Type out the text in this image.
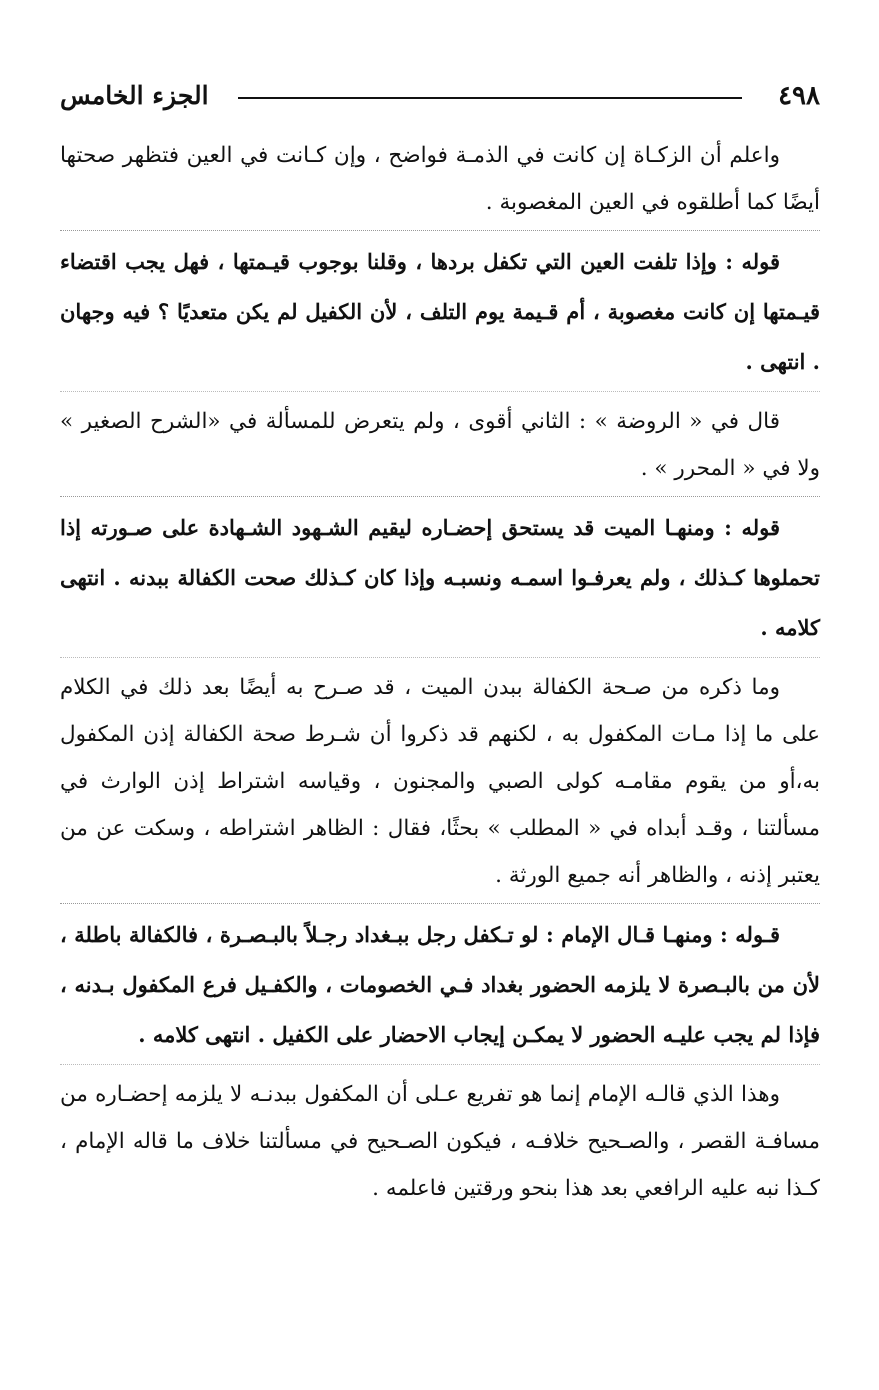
٤٩٨
الجزء الخامس

واعلم أن الزكـاة إن كانت في الذمـة فواضح ، وإن كـانت في العين فتظهر صحتها أيضًا كما أطلقوه في العين المغصوبة .

قوله : وإذا تلفت العين التي تكفل بردها ، وقلنا بوجوب قيـمتها ، فهل يجب اقتضاء قيـمتها إن كانت مغصوبة ، أم قـيمة يوم التلف ، لأن الكفيل لم يكن متعديًا ؟ فيه وجهان . انتهى .

قال في « الروضة » : الثاني أقوى ، ولم يتعرض للمسألة في «الشرح الصغير » ولا في « المحرر » .

قوله : ومنهـا الميت قد يستحق إحضـاره ليقيم الشـهود الشـهادة على صـورته إذا تحملوها كـذلك ، ولم يعرفـوا اسمـه ونسبـه وإذا كان كـذلك صحت الكفالة ببدنه . انتهى كلامه .

وما ذكره من صـحة الكفالة ببدن الميت ، قد صـرح به أيضًا بعد ذلك في الكلام على ما إذا مـات المكفول به ، لكنهم قد ذكروا أن شـرط صحة الكفالة إذن المكفول به،أو من يقوم مقامـه كولى الصبي والمجنون ، وقياسه اشتراط إذن الوارث في مسألتنا ، وقـد أبداه في « المطلب » بحثًا، فقال : الظاهر اشتراطه ، وسكت عن من يعتبر إذنه ، والظاهر أنه جميع الورثة .

قـوله : ومنهـا قـال الإمام : لو تـكفل رجل ببـغداد رجـلاً بالبـصـرة ، فالكفالة باطلة ، لأن من بالبـصرة لا يلزمه الحضور بغداد فـي الخصومات ، والكفـيل فرع المكفول بـدنه ، فإذا لم يجب عليـه الحضور لا يمكـن إيجاب الاحضار على الكفيل . انتهى كلامه .

وهذا الذي قالـه الإمام إنما هو تفريع عـلى أن المكفول ببدنـه لا يلزمه إحضـاره من مسافـة القصر ، والصـحيح خلافـه ، فيكون الصـحيح في مسألتنا خلاف ما قاله الإمام ، كـذا نبه عليه الرافعي بعد هذا بنحو ورقتين فاعلمه .
